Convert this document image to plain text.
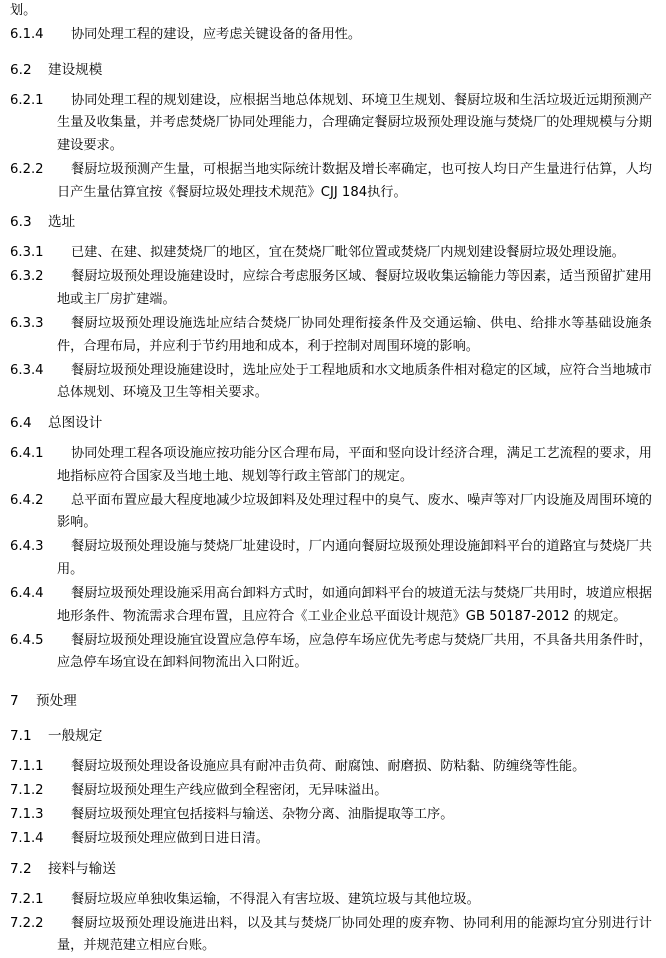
划。
6.1.4	协同处理工程的建设，应考虑关键设备的备用性。
6.2	建设规模
6.2.1	协同处理工程的规划建设，应根据当地总体规划、环境卫生规划、餐厨垃圾和生活垃圾近远期预测产生量及收集量，并考虑焚烧厂协同处理能力，合理确定餐厨垃圾预处理设施与焚烧厂的处理规模与分期建设要求。
6.2.2	餐厨垃圾预测产生量，可根据当地实际统计数据及增长率确定，也可按人均日产生量进行估算，人均日产生量估算宜按《餐厨垃圾处理技术规范》CJJ 184执行。
6.3	选址
6.3.1	已建、在建、拟建焚烧厂的地区，宜在焚烧厂毗邻位置或焚烧厂内规划建设餐厨垃圾处理设施。
6.3.2	餐厨垃圾预处理设施建设时，应综合考虑服务区域、餐厨垃圾收集运输能力等因素，适当预留扩建用地或主厂房扩建端。
6.3.3	餐厨垃圾预处理设施选址应结合焚烧厂协同处理衔接条件及交通运输、供电、给排水等基础设施条件，合理布局，并应利于节约用地和成本，利于控制对周围环境的影响。
6.3.4	餐厨垃圾预处理设施建设时，选址应处于工程地质和水文地质条件相对稳定的区域，应符合当地城市总体规划、环境及卫生等相关要求。
6.4	总图设计
6.4.1	协同处理工程各项设施应按功能分区合理布局，平面和竖向设计经济合理，满足工艺流程的要求，用地指标应符合国家及当地土地、规划等行政主管部门的规定。
6.4.2	总平面布置应最大程度地减少垃圾卸料及处理过程中的臭气、废水、噪声等对厂内设施及周围环境的影响。
6.4.3	餐厨垃圾预处理设施与焚烧厂址建设时，厂内通向餐厨垃圾预处理设施卸料平台的道路宜与焚烧厂共用。
6.4.4	餐厨垃圾预处理设施采用高台卸料方式时，如通向卸料平台的坡道无法与焚烧厂共用时，坡道应根据地形条件、物流需求合理布置，且应符合《工业企业总平面设计规范》GB 50187-2012 的规定。
6.4.5	餐厨垃圾预处理设施宜设置应急停车场，应急停车场应优先考虑与焚烧厂共用，不具备共用条件时，应急停车场宜设在卸料间物流出入口附近。
7	预处理
7.1	一般规定
7.1.1	餐厨垃圾预处理设备设施应具有耐冲击负荷、耐腐蚀、耐磨损、防粘黏、防缠绕等性能。
7.1.2	餐厨垃圾预处理生产线应做到全程密闭，无异味溢出。
7.1.3	餐厨垃圾预处理宜包括接料与输送、杂物分离、油脂提取等工序。
7.1.4	餐厨垃圾预处理应做到日进日清。
7.2	接料与输送
7.2.1	餐厨垃圾应单独收集运输，不得混入有害垃圾、建筑垃圾与其他垃圾。
7.2.2	餐厨垃圾预处理设施进出料，以及其与焚烧厂协同处理的废弃物、协同利用的能源均宜分别进行计量，并规范建立相应台账。
